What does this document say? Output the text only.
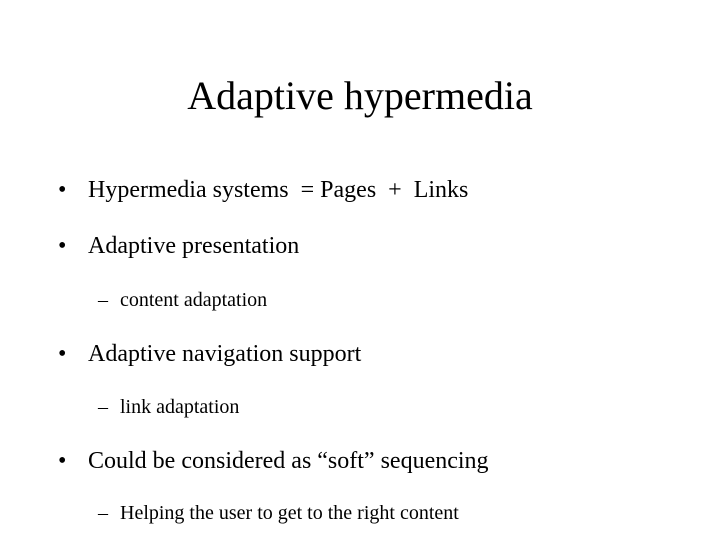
Adaptive hypermedia
• Hypermedia systems  = Pages  +  Links
• Adaptive presentation
– content adaptation
• Adaptive navigation support
– link adaptation
• Could be considered as “soft” sequencing
– Helping the user to get to the right content
